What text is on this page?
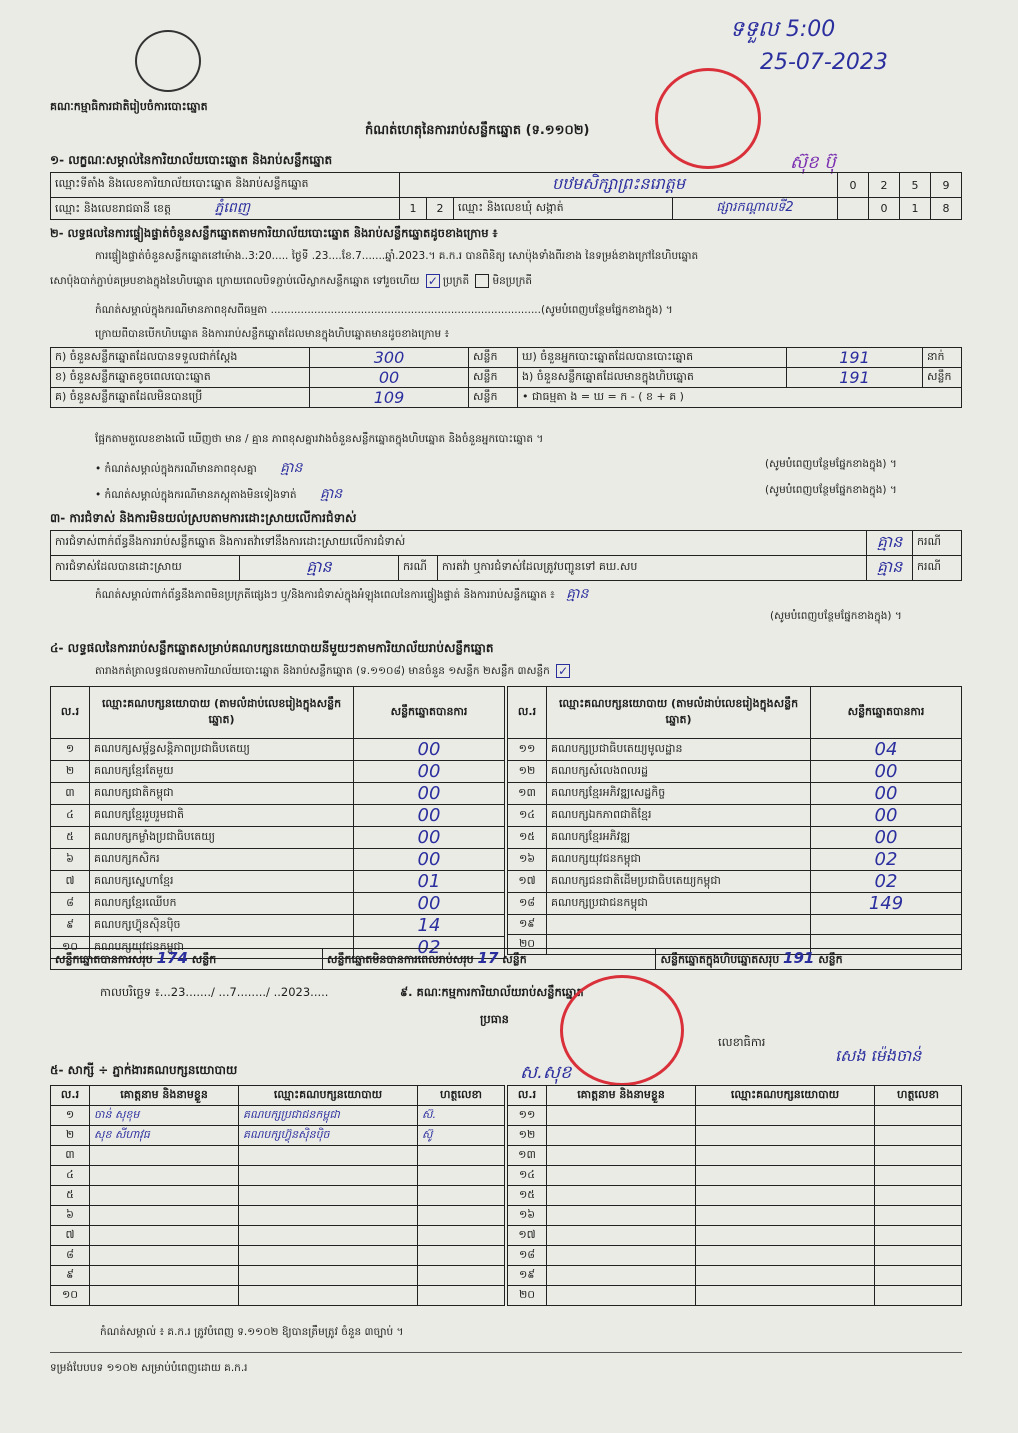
គណៈកម្មាធិការជាតិរៀបចំការបោះឆ្នោត
កំណត់ហេតុនៃការរាប់សន្លឹកឆ្នោត (ទ.១១០២)
ទទួល 5:00
25-07-2023
ស៊ុខ ប៊ុ
១- លក្ខណៈសម្គាល់នៃការិយាល័យបោះឆ្នោត និងរាប់សន្លឹកឆ្នោត
ឈ្មោះទីតាំង និងលេខការិយាល័យបោះឆ្នោត និងរាប់សន្លឹកឆ្នោត	បឋមសិក្សាព្រះនរោត្តម				0	2	5	9
ឈ្មោះ និងលេខរាជធានី ខេត្ត ភ្នំពេញ	1	2	ឈ្មោះ និងលេខឃុំ សង្កាត់	ផ្សារកណ្ដាលទី2		0	1	8
២- លទ្ធផលនៃការផ្ទៀងផ្ទាត់ចំនួនសន្លឹកឆ្នោតតាមការិយាល័យបោះឆ្នោត និងរាប់សន្លឹកឆ្នោតដូចខាងក្រោម ៖
ការផ្ទៀងផ្ទាត់ចំនួនសន្លឹកឆ្នោតនៅម៉ោង..3:20..... ថ្ងៃទី .23....ខែ.7.......ឆ្នាំ.2023.។ គ.ក.រ បានពិនិត្យ សោប៉ុងទាំងពីរខាង នៃទម្រង់ខាងក្រៅនៃហិបឆ្នោត
សោប៉ុងបាក់ភ្ជាប់គម្របខាងក្នុងនៃហិបឆ្នោត ក្រោយពេលបិទភ្ជាប់លើស្លាកសន្លឹកឆ្នោត ទៅរួចហើយ ✓ ប្រក្រតី មិនប្រក្រតី
កំណត់សម្គាល់ក្នុងករណីមានភាពខុសពីធម្មតា .................................................................................(សូមបំពេញបន្ថែមផ្នែកខាងក្នុង) ។
ក្រោយពីបានបើកហិបឆ្នោត និងការរាប់សន្លឹកឆ្នោតដែលមានក្នុងហិបឆ្នោតមានដូចខាងក្រោម ៖
ក) ចំនួនសន្លឹកឆ្នោតដែលបានទទួលជាក់ស្តែង	300	សន្លឹក	ឃ) ចំនួនអ្នកបោះឆ្នោតដែលបានបោះឆ្នោត	191	នាក់
ខ) ចំនួនសន្លឹកឆ្នោតខូចពេលបោះឆ្នោត	00	សន្លឹក	ង) ចំនួនសន្លឹកឆ្នោតដែលមានក្នុងហិបឆ្នោត	191	សន្លឹក
គ) ចំនួនសន្លឹកឆ្នោតដែលមិនបានប្រើ	109	សន្លឹក	• ជាធម្មតា ង = ឃ = ក - ( ខ + គ )		
ផ្អែកតាមតួលេខខាងលើ ឃើញថា មាន / គ្មាន ភាពខុសគ្នារវាងចំនួនសន្លឹកឆ្នោតក្នុងហិបឆ្នោត និងចំនួនអ្នកបោះឆ្នោត ។
• កំណត់សម្គាល់ក្នុងករណីមានភាពខុសគ្នា គ្មាន	(សូមបំពេញបន្ថែមផ្នែកខាងក្នុង) ។
• កំណត់សម្គាល់ក្នុងករណីមានភស្តុតាងមិនទៀងទាត់ គ្មាន	(សូមបំពេញបន្ថែមផ្នែកខាងក្នុង) ។
៣- ការជំទាស់ និងការមិនយល់ស្របតាមការដោះស្រាយលើការជំទាស់
ការជំទាស់ពាក់ព័ន្ធនឹងការរាប់សន្លឹកឆ្នោត និងការតវ៉ាទៅនឹងការដោះស្រាយលើការជំទាស់				គ្មាន	ករណី
ការជំទាស់ដែលបានដោះស្រាយ	គ្មាន	ករណី	ការតវ៉ា ឬការជំទាស់ដែលត្រូវបញ្ជូនទៅ គឃ.សប	គ្មាន	ករណី
កំណត់សម្គាល់ពាក់ព័ន្ធនឹងភាពមិនប្រក្រតីផ្សេងៗ ឬ/និងការជំទាស់ក្នុងអំឡុងពេលនៃការផ្ទៀងផ្ទាត់ និងការរាប់សន្លឹកឆ្នោត ៖ គ្មាន
(សូមបំពេញបន្ថែមផ្នែកខាងក្នុង) ។
៤- លទ្ធផលនៃការរាប់សន្លឹកឆ្នោតសម្រាប់គណបក្សនយោបាយនីមួយៗតាមការិយាល័យរាប់សន្លឹកឆ្នោត
តារាងកត់ត្រាលទ្ធផលតាមការិយាល័យបោះឆ្នោត និងរាប់សន្លឹកឆ្នោត (ទ.១១០៨) មានចំនួន ១សន្លឹក ២សន្លឹក ៣សន្លឹក ✓
ល.រ	ឈ្មោះគណបក្សនយោបាយ (តាមលំដាប់លេខរៀងក្នុងសន្លឹកឆ្នោត)	សន្លឹកឆ្នោតបានការ
១	គណបក្សសម្ព័ន្ធសន្តិភាពប្រជាធិបតេយ្យ	00
២	គណបក្សខ្មែរតែមួយ	00
៣	គណបក្សជាតិកម្ពុជា	00
៤	គណបក្សខ្មែររួបរួមជាតិ	00
៥	គណបក្សកម្លាំងប្រជាធិបតេយ្យ	00
៦	គណបក្សកសិករ	00
៧	គណបក្សស្នេហាខ្មែរ	01
៨	គណបក្សខ្មែរឈើបក	00
៩	គណបក្សហ៊្វុនស៊ិនប៉ិច	14
១០	គណបក្សយុវជនកម្ពុជា	02
ល.រ	ឈ្មោះគណបក្សនយោបាយ (តាមលំដាប់លេខរៀងក្នុងសន្លឹកឆ្នោត)	សន្លឹកឆ្នោតបានការ
១១	គណបក្សប្រជាធិបតេយ្យមូលដ្ឋាន	04
១២	គណបក្សសំលេងពលរដ្ឋ	00
១៣	គណបក្សខ្មែរអភិវឌ្ឍសេដ្ឋកិច្ច	00
១៤	គណបក្សឯកភាពជាតិខ្មែរ	00
១៥	គណបក្សខ្មែរអភិវឌ្ឍ	00
១៦	គណបក្សយុវជនកម្ពុជា	02
១៧	គណបក្សជនជាតិដើមប្រជាធិបតេយ្យកម្ពុជា	02
១៨	គណបក្សប្រជាជនកម្ពុជា	149
១៩		
២០		
សន្លឹកឆ្នោតបានការសរុប 174 សន្លឹក	សន្លឹកឆ្នោតមិនបានការពេលរាប់សរុប 17 សន្លឹក	សន្លឹកឆ្នោតក្នុងហិបឆ្នោតសរុប 191 សន្លឹក
កាលបរិច្ឆេទ ៖...23......./ ...7......../ ..2023.....	៩. គណៈកម្មការការិយាល័យរាប់សន្លឹកឆ្នោត
ប្រធាន
ស.សុខ
លេខាធិការ
សេង ម៉េងចាន់
៥- សាក្សី ÷ ភ្នាក់ងារគណបក្សនយោបាយ
ល.រ	គោត្តនាម និងនាមខ្លួន	ឈ្មោះគណបក្សនយោបាយ	ហត្ថលេខា
១	ចាន់ សុខុម	គណបក្សប្រជាជនកម្ពុជា	ស៊.
២	សុខ សីហាវុធ	គណបក្សហ៊្វុនស៊ិនប៉ិច	ស៊ូ
៣			
៤			
៥			
៦			
៧			
៨			
៩			
១០			
ល.រ	គោត្តនាម និងនាមខ្លួន	ឈ្មោះគណបក្សនយោបាយ	ហត្ថលេខា
១១			
១២			
១៣			
១៤			
១៥			
១៦			
១៧			
១៨			
១៩			
២០			
កំណត់សម្គាល់ ៖ គ.ក.រ ត្រូវបំពេញ ទ.១១០២ ឱ្យបានត្រឹមត្រូវ ចំនួន ៣ច្បាប់ ។
ទម្រង់បែបបទ ១១០២ សម្រាប់បំពេញដោយ គ.ក.រ
